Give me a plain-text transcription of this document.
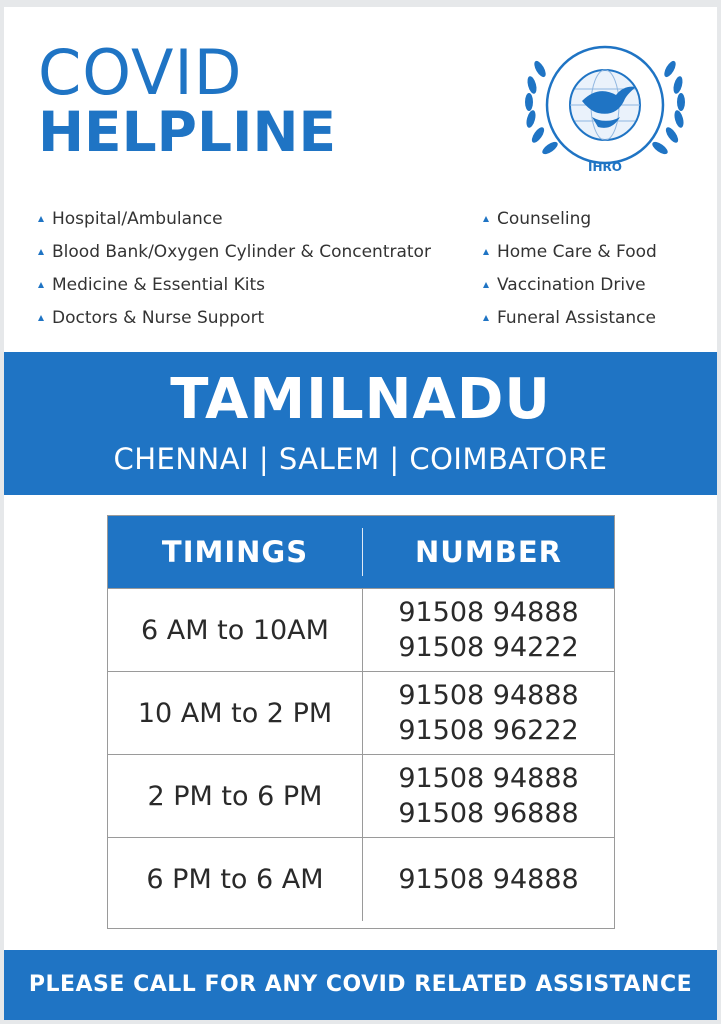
COVID
HELPLINE
IHRO
Hospital/Ambulance
Blood Bank/Oxygen Cylinder & Concentrator
Medicine & Essential Kits
Doctors & Nurse Support
Counseling
Home Care & Food
Vaccination Drive
Funeral Assistance
TAMILNADU
CHENNAI | SALEM | COIMBATORE
TIMINGS	NUMBER
6 AM to 10AM
91508 94888
91508 94222
10 AM to 2 PM
91508 94888
91508 96222
2 PM to 6 PM
91508 94888
91508 96888
6 PM to 6 AM	91508 94888
PLEASE CALL FOR ANY COVID RELATED ASSISTANCE
